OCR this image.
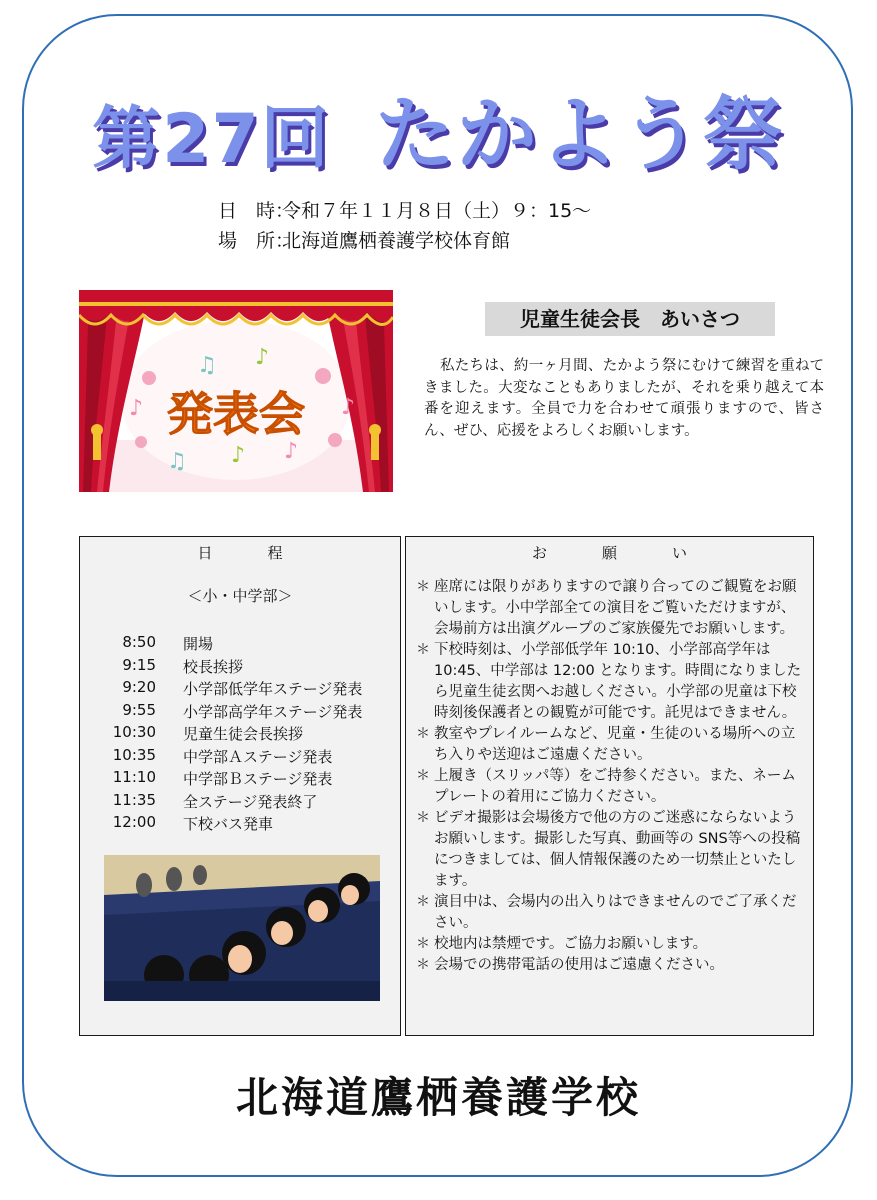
第27回 たかよう祭
日　時：令和７年１１月８日（土）９：15～
場　所：北海道鷹栖養護学校体育館
発表会
♫ ♪
♪	♪
♫ ♪ ♪
児童生徒会長　あいさつ
私たちは、約一ヶ月間、たかよう祭にむけて練習を重ねてきました。大変なこともありましたが、それを乗り越えて本番を迎えます。全員で力を合わせて頑張りますので、皆さん、ぜひ、応援をよろしくお願いします。
日　程
＜小・中学部＞
8:50 開場
9:15 校長挨拶
9:20 小学部低学年ステージ発表
9:55 小学部高学年ステージ発表
10:30 児童生徒会長挨拶
10:35 中学部Ａステージ発表
11:10 中学部Ｂステージ発表
11:35 全ステージ発表終了
12:00 下校バス発車
お　願　い
＊ 座席には限りがありますので譲り合ってのご観覧をお願いします。小中学部全ての演目をご覧いただけますが、会場前方は出演グループのご家族優先でお願いします。
＊ 下校時刻は、小学部低学年 10:10、小学部高学年は 10:45、中学部は 12:00 となります。時間になりましたら児童生徒玄関へお越しください。小学部の児童は下校時刻後保護者との観覧が可能です。託児はできません。
＊ 教室やプレイルームなど、児童・生徒のいる場所への立ち入りや送迎はご遠慮ください。
＊ 上履き（スリッパ等）をご持参ください。また、ネームプレートの着用にご協力ください。
＊ ビデオ撮影は会場後方で他の方のご迷惑にならないようお願いします。撮影した写真、動画等の SNS等への投稿につきましては、個人情報保護のため一切禁止といたします。
＊ 演目中は、会場内の出入りはできませんのでご了承ください。
＊ 校地内は禁煙です。ご協力お願いします。
＊ 会場での携帯電話の使用はご遠慮ください。
北海道鷹栖養護学校
